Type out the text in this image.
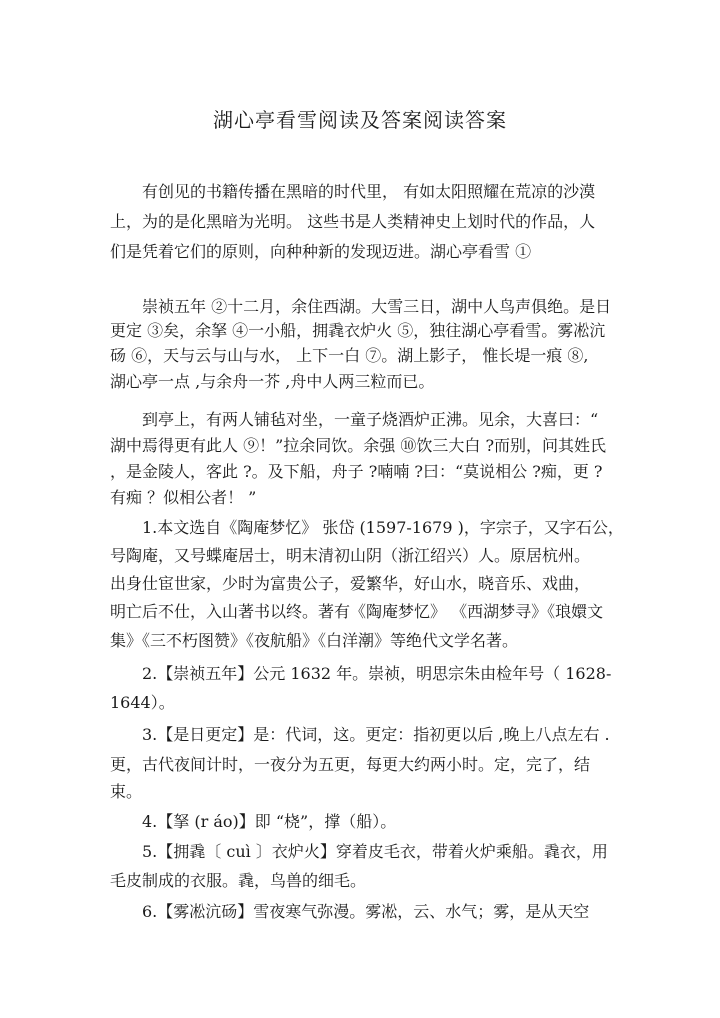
湖心亭看雪阅读及答案阅读答案
有创见的书籍传播在黑暗的时代里， 有如太阳照耀在荒凉的沙漠
上，为的是化黑暗为光明。 这些书是人类精神史上划时代的作品，人
们是凭着它们的原则，向种种新的发现迈进。湖心亭看雪 ①
崇祯五年 ②十二月，余住西湖。大雪三日，湖中人鸟声俱绝。是日
更定 ③矣，余拏 ④一小船，拥毳衣炉火 ⑤，独往湖心亭看雪。雾凇沆
砀 ⑥，天与云与山与水， 上下一白 ⑦。湖上影子， 惟长堤一痕 ⑧,
湖心亭一点 ,与余舟一芥 ,舟中人两三粒而已。
到亭上，有两人铺毡对坐，一童子烧酒炉正沸。见余，大喜曰：“
湖中焉得更有此人 ⑨！”拉余同饮。余强 ⑩饮三大白 ?而别，问其姓氏
，是金陵人，客此 ?。及下船，舟子 ?喃喃 ?曰：“莫说相公 ?痴，更 ?
有痴 ？似相公者！ ”
1.本文选自《陶庵梦忆》 张岱 (1597-1679 )，字宗子，又字石公，
号陶庵，又号蝶庵居士，明末清初山阴（浙江绍兴）人。原居杭州。
出身仕宦世家，少时为富贵公子，爱繁华，好山水，晓音乐、戏曲，
明亡后不仕，入山著书以终。著有《陶庵梦忆》 《西湖梦寻》《琅嬛文
集》《三不朽图赞》《夜航船》《白洋潮》等绝代文学名著。
2.【崇祯五年】公元 1632 年。崇祯，明思宗朱由检年号（ 1628-
1644）。
3.【是日更定】是：代词，这。更定：指初更以后 ,晚上八点左右 .
更，古代夜间计时，一夜分为五更，每更大约两小时。定，完了，结
束。
4.【拏 (r áo)】即 “桡”，撑（船）。
5.【拥毳〔 cuì 〕衣炉火】穿着皮毛衣，带着火炉乘船。毳衣，用
毛皮制成的衣服。毳，鸟兽的细毛。
6.【雾凇沆砀】雪夜寒气弥漫。雾凇，云、水气；雾，是从天空
